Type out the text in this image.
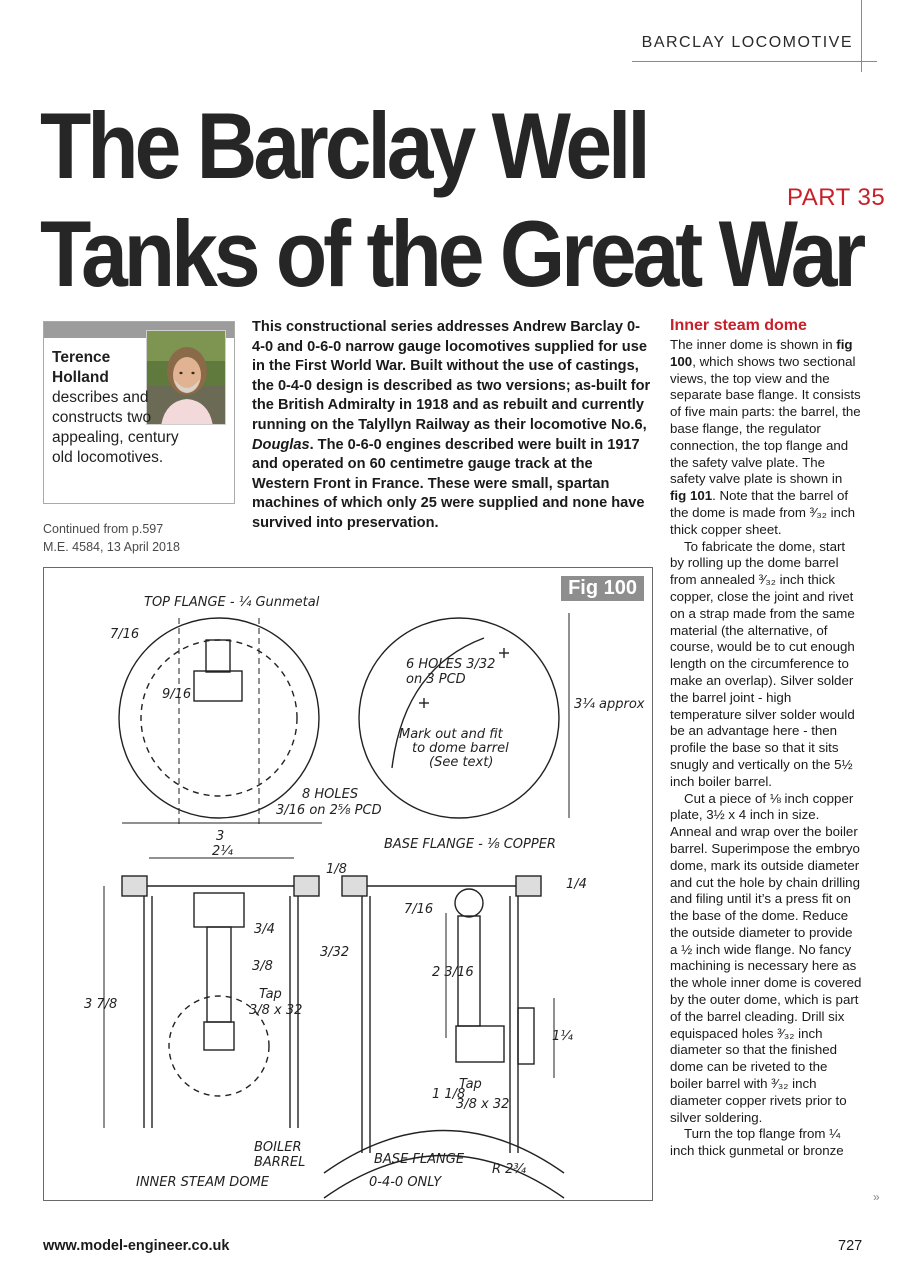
BARCLAY LOCOMOTIVE
The Barclay Well
Tanks of the Great War
PART 35
Terence
Holland
describes and constructs two appealing, century old locomotives.
Continued from p.597
M.E. 4584, 13 April 2018
This constructional series addresses Andrew Barclay 0-4-0 and 0-6-0 narrow gauge locomotives supplied for use in the First World War. Built without the use of castings, the 0-4-0 design is described as two versions; as-built for the British Admiralty in 1918 and as rebuilt and currently running on the Talyllyn Railway as their locomotive No.6, Douglas. The 0-6-0 engines described were built in 1917 and operated on 60 centimetre gauge track at the Western Front in France. These were small, spartan machines of which only 25 were supplied and none have survived into preservation.
TOP FLANGE - ¼ Gunmetal
BASE FLANGE - ⅛ COPPER
6 HOLES 3/32
on 3 PCD
Mark out and fit
to dome barrel
(See text)
8 HOLES
3/16 on 2⅝ PCD
3
2¼
1/8
1/4
3/4
3/8
7/16
3/32
2 3/16
1¼
1 1/8
3 7/8
3¼ approx
9/16
7/16
Tap
3/8 x 32
Tap
3/8 x 32
BOILER
BARREL	BASE FLANGE
R 2¾
INNER STEAM DOME	0-4-0 ONLY
Fig 100
Inner steam dome

The inner dome is shown in fig 100, which shows two sectional views, the top view and the separate base flange. It consists of five main parts: the barrel, the base flange, the regulator connection, the top flange and the safety valve plate. The safety valve plate is shown in fig 101. Note that the barrel of the dome is made from ³⁄₃₂ inch thick copper sheet.

To fabricate the dome, start by rolling up the dome barrel from annealed ³⁄₃₂ inch thick copper, close the joint and rivet on a strap made from the same material (the alternative, of course, would be to cut enough length on the circumference to make an overlap). Silver solder the barrel joint - high temperature silver solder would be an advantage here - then profile the base so that it sits snugly and vertically on the 5½ inch boiler barrel.

Cut a piece of ⅛ inch copper plate, 3½ x 4 inch in size. Anneal and wrap over the boiler barrel. Superimpose the embryo dome, mark its outside diameter and cut the hole by chain drilling and filing until it’s a press fit on the base of the dome. Reduce the outside diameter to provide a ½ inch wide flange. No fancy machining is necessary here as the whole inner dome is covered by the outer dome, which is part of the barrel cleading. Drill six equispaced holes ³⁄₃₂ inch diameter so that the finished dome can be riveted to the boiler barrel with ³⁄₃₂ inch diameter copper rivets prior to silver soldering.

Turn the top flange from ¼ inch thick gunmetal or bronze

»
www.model-engineer.co.uk	727
